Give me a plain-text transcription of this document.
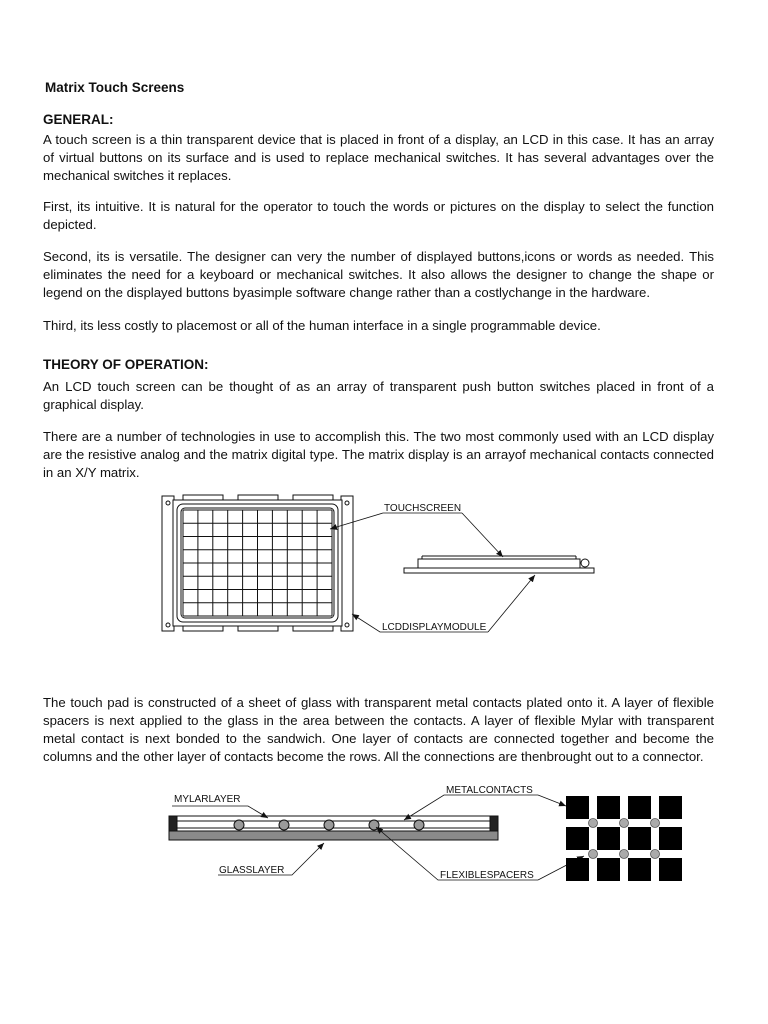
Matrix Touch Screens

GENERAL:

A touch screen is a thin transparent device that is placed in front of a display, an LCD in this case. It has an array of virtual buttons on its surface and is used to replace mechanical switches. It has several advantages over the mechanical switches it replaces.

First, its intuitive. It is natural for the operator to touch the words or pictures on the display to select the function depicted.

Second, its is versatile. The designer can very the number of displayed buttons,icons or words as needed. This eliminates the need for a keyboard or mechanical switches. It also allows the designer to change the shape or legend on the displayed buttons byasimple software change rather than a costlychange in the hardware.

Third, its less costly to placemost or all of the human interface in a single programmable device.

THEORY OF OPERATION:

An LCD touch screen can be thought of as an array of transparent push button switches placed in front of a graphical display.

There are a number of technologies in use to accomplish this. The two most commonly used with an LCD display are the resistive analog and the matrix digital type. The matrix display is an arrayof mechanical contacts connected in an X/Y matrix.

TOUCHSCREEN
LCDDISPLAYMODULE

The touch pad is constructed of a sheet of glass with transparent metal contacts plated onto it. A layer of flexible spacers is next applied to the glass in the area between the contacts. A layer of flexible Mylar with transparent metal contact is next bonded to the sandwich. One layer of contacts are connected together and become the columns and the other layer of contacts become the rows. All the connections are thenbrought out to a connector.

MYLARLAYER
METALCONTACTS
GLASSLAYER	FLEXIBLESPACERS
